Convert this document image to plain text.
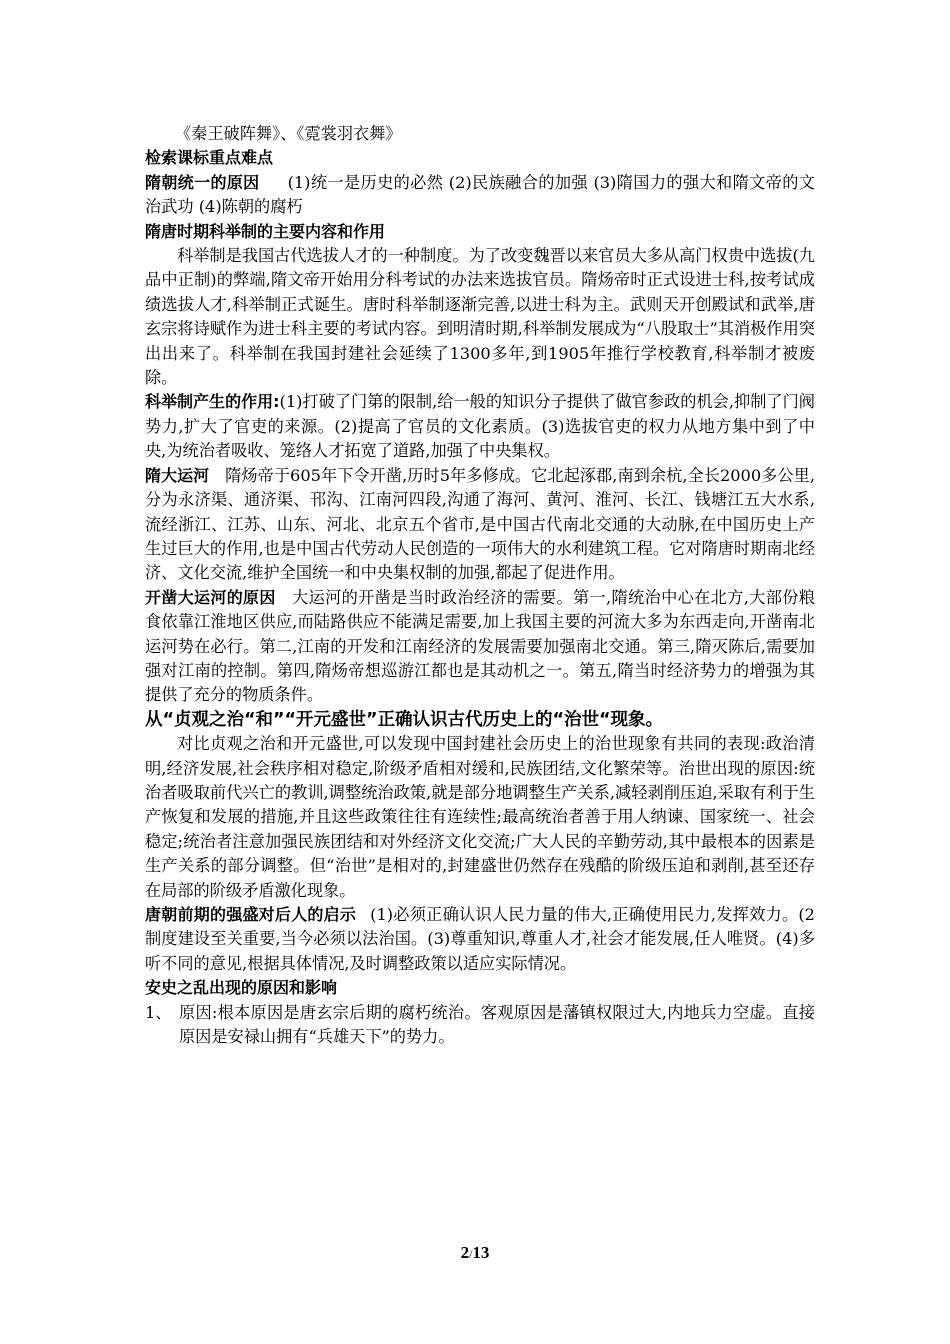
《秦王破阵舞》、《霓裳羽衣舞》

检索课标重点难点

隋朝统一的原因 (1)统一是历史的必然 (2)民族融合的加强 (3)隋国力的强大和隋文帝的文治武功 (4)陈朝的腐朽

隋唐时期科举制的主要内容和作用

科举制是我国古代选拔人才的一种制度。为了改变魏晋以来官员大多从高门权贵中选拔(九品中正制)的弊端,隋文帝开始用分科考试的办法来选拔官员。隋炀帝时正式设进士科,按考试成绩选拔人才,科举制正式诞生。唐时科举制逐渐完善,以进士科为主。武则天开创殿试和武举,唐玄宗将诗赋作为进士科主要的考试内容。到明清时期,科举制发展成为“八股取士”其消极作用突出出来了。科举制在我国封建社会延续了1300多年,到1905年推行学校教育,科举制才被废除。

科举制产生的作用:(1)打破了门第的限制,给一般的知识分子提供了做官参政的机会,抑制了门阀势力,扩大了官吏的来源。(2)提高了官员的文化素质。(3)选拔官吏的权力从地方集中到了中央,为统治者吸收、笼络人才拓宽了道路,加强了中央集权。

隋大运河 隋炀帝于605年下令开凿,历时5年多修成。它北起涿郡,南到余杭,全长2000多公里,分为永济渠、通济渠、邗沟、江南河四段,沟通了海河、黄河、淮河、长江、钱塘江五大水系,流经浙江、江苏、山东、河北、北京五个省市,是中国古代南北交通的大动脉,在中国历史上产生过巨大的作用,也是中国古代劳动人民创造的一项伟大的水利建筑工程。它对隋唐时期南北经济、文化交流,维护全国统一和中央集权制的加强,都起了促进作用。

开凿大运河的原因 大运河的开凿是当时政治经济的需要。第一,隋统治中心在北方,大部份粮食依靠江淮地区供应,而陆路供应不能满足需要,加上我国主要的河流大多为东西走向,开凿南北运河势在必行。第二,江南的开发和江南经济的发展需要加强南北交通。第三,隋灭陈后,需要加强对江南的控制。第四,隋炀帝想巡游江都也是其动机之一。第五,隋当时经济势力的增强为其提供了充分的物质条件。

从“贞观之治“和”“开元盛世”正确认识古代历史上的“治世“现象。

对比贞观之治和开元盛世,可以发现中国封建社会历史上的治世现象有共同的表现:政治清明,经济发展,社会秩序相对稳定,阶级矛盾相对缓和,民族团结,文化繁荣等。治世出现的原因:统治者吸取前代兴亡的教训,调整统治政策,就是部分地调整生产关系,减轻剥削压迫,采取有利于生产恢复和发展的措施,并且这些政策往往有连续性;最高统治者善于用人纳谏、国家统一、社会稳定;统治者注意加强民族团结和对外经济文化交流;广大人民的辛勤劳动,其中最根本的因素是生产关系的部分调整。但“治世”是相对的,封建盛世仍然存在残酷的阶级压迫和剥削,甚至还存在局部的阶级矛盾激化现象。

唐朝前期的强盛对后人的启示 (1)必须正确认识人民力量的伟大,正确使用民力,发挥效力。(2制度建设至关重要,当今必须以法治国。(3)尊重知识,尊重人才,社会才能发展,任人唯贤。(4)多听不同的意见,根据具体情况,及时调整政策以适应实际情况。

安史之乱出现的原因和影响

1、 原因:根本原因是唐玄宗后期的腐朽统治。客观原因是藩镇权限过大,内地兵力空虚。直接原因是安禄山拥有“兵雄天下”的势力。
2/13
